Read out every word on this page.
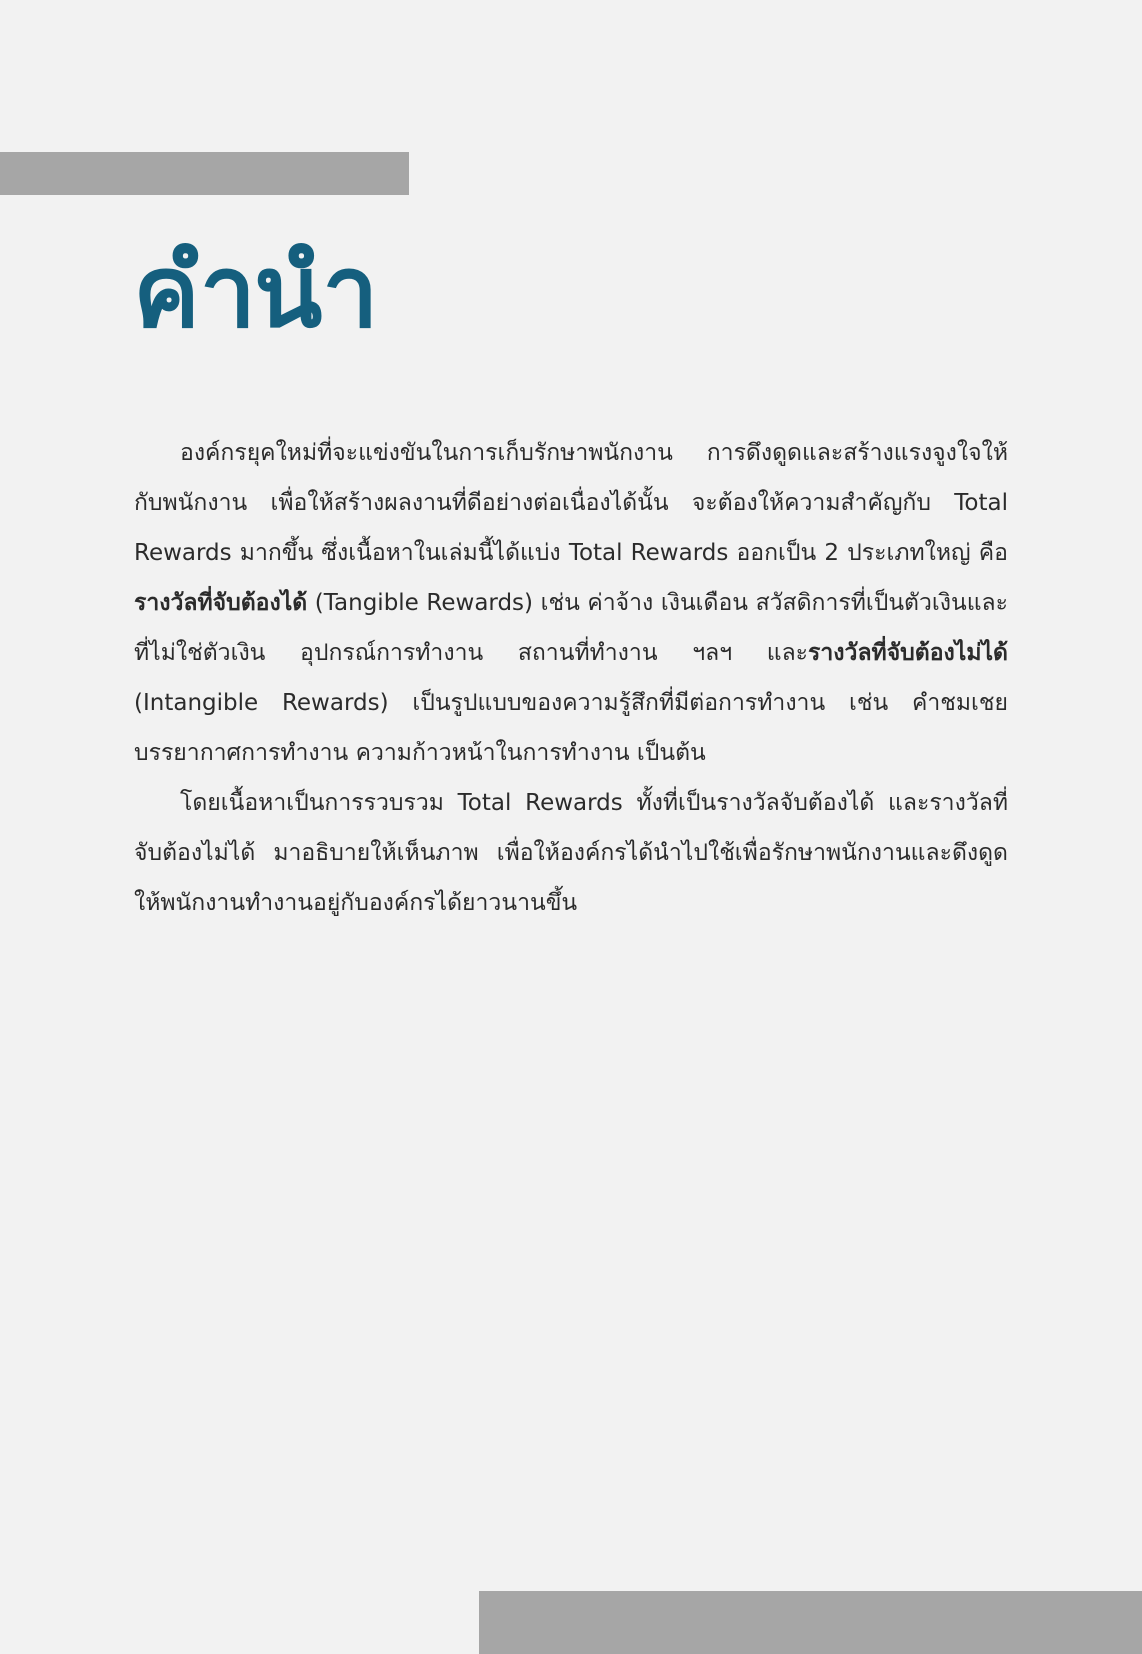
คำนำ

องค์กรยุคใหม่ที่จะแข่งขันในการเก็บรักษาพนักงาน การดึงดูดและสร้างแรงจูงใจให้กับพนักงาน เพื่อให้สร้างผลงานที่ดีอย่างต่อเนื่องได้นั้น จะต้องให้ความสำคัญกับ Total Rewards มากขึ้น ซึ่งเนื้อหาในเล่มนี้ได้แบ่ง Total Rewards ออกเป็น 2 ประเภทใหญ่ คือ รางวัลที่จับต้องได้ (Tangible Rewards) เช่น ค่าจ้าง เงินเดือน สวัสดิการที่เป็นตัวเงินและที่ไม่ใช่ตัวเงิน อุปกรณ์การทำงาน สถานที่ทำงาน ฯลฯ และรางวัลที่จับต้องไม่ได้ (Intangible Rewards) เป็นรูปแบบของความรู้สึกที่มีต่อการทำงาน เช่น คำชมเชย บรรยากาศการทำงาน ความก้าวหน้าในการทำงาน เป็นต้น

โดยเนื้อหาเป็นการรวบรวม Total Rewards ทั้งที่เป็นรางวัลจับต้องได้ และรางวัลที่จับต้องไม่ได้ มาอธิบายให้เห็นภาพ เพื่อให้องค์กรได้นำไปใช้เพื่อรักษาพนักงานและดึงดูดให้พนักงานทำงานอยู่กับองค์กรได้ยาวนานขึ้น
